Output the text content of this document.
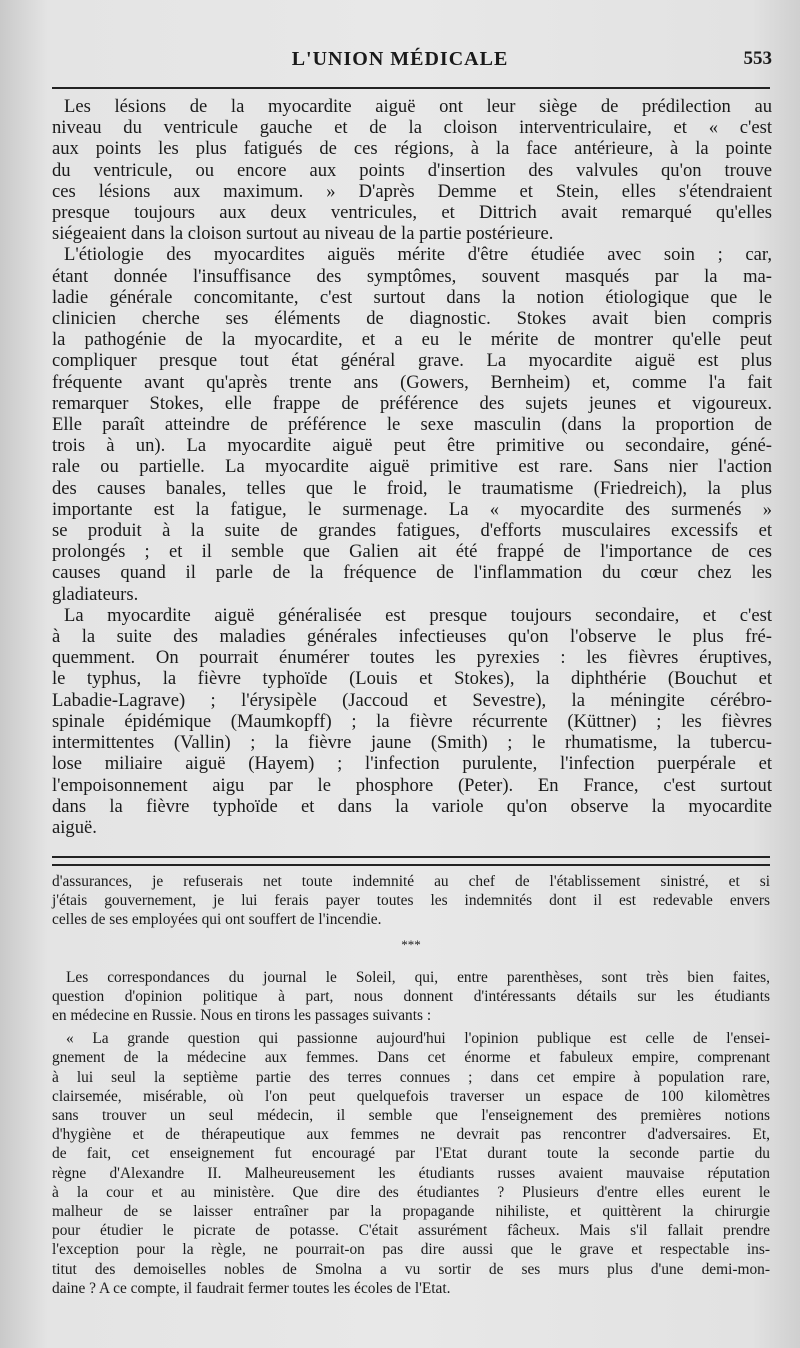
L'UNION MÉDICALE	553
Les lésions de la myocardite aiguë ont leur siège de prédilection au
niveau du ventricule gauche et de la cloison interventriculaire, et « c'est
aux points les plus fatigués de ces régions, à la face antérieure, à la pointe
du ventricule, ou encore aux points d'insertion des valvules qu'on trouve
ces lésions aux maximum. » D'après Demme et Stein, elles s'étendraient
presque toujours aux deux ventricules, et Dittrich avait remarqué qu'elles
siégeaient dans la cloison surtout au niveau de la partie postérieure.
L'étiologie des myocardites aiguës mérite d'être étudiée avec soin ; car,
étant donnée l'insuffisance des symptômes, souvent masqués par la ma-
ladie générale concomitante, c'est surtout dans la notion étiologique que le
clinicien cherche ses éléments de diagnostic. Stokes avait bien compris
la pathogénie de la myocardite, et a eu le mérite de montrer qu'elle peut
compliquer presque tout état général grave. La myocardite aiguë est plus
fréquente avant qu'après trente ans (Gowers, Bernheim) et, comme l'a fait
remarquer Stokes, elle frappe de préférence des sujets jeunes et vigoureux.
Elle paraît atteindre de préférence le sexe masculin (dans la proportion de
trois à un). La myocardite aiguë peut être primitive ou secondaire, géné-
rale ou partielle. La myocardite aiguë primitive est rare. Sans nier l'action
des causes banales, telles que le froid, le traumatisme (Friedreich), la plus
importante est la fatigue, le surmenage. La « myocardite des surmenés »
se produit à la suite de grandes fatigues, d'efforts musculaires excessifs et
prolongés ; et il semble que Galien ait été frappé de l'importance de ces
causes quand il parle de la fréquence de l'inflammation du cœur chez les
gladiateurs.
La myocardite aiguë généralisée est presque toujours secondaire, et c'est
à la suite des maladies générales infectieuses qu'on l'observe le plus fré-
quemment. On pourrait énumérer toutes les pyrexies : les fièvres éruptives,
le typhus, la fièvre typhoïde (Louis et Stokes), la diphthérie (Bouchut et
Labadie-Lagrave) ; l'érysipèle (Jaccoud et Sevestre), la méningite cérébro-
spinale épidémique (Maumkopff) ; la fièvre récurrente (Küttner) ; les fièvres
intermittentes (Vallin) ; la fièvre jaune (Smith) ; le rhumatisme, la tubercu-
lose miliaire aiguë (Hayem) ; l'infection purulente, l'infection puerpérale et
l'empoisonnement aigu par le phosphore (Peter). En France, c'est surtout
dans la fièvre typhoïde et dans la variole qu'on observe la myocardite
aiguë.
d'assurances, je refuserais net toute indemnité au chef de l'établissement sinistré, et si
j'étais gouvernement, je lui ferais payer toutes les indemnités dont il est redevable envers
celles de ses employées qui ont souffert de l'incendie.
***
Les correspondances du journal le Soleil, qui, entre parenthèses, sont très bien faites,
question d'opinion politique à part, nous donnent d'intéressants détails sur les étudiants
en médecine en Russie. Nous en tirons les passages suivants :
« La grande question qui passionne aujourd'hui l'opinion publique est celle de l'ensei-
gnement de la médecine aux femmes. Dans cet énorme et fabuleux empire, comprenant
à lui seul la septième partie des terres connues ; dans cet empire à population rare,
clairsemée, misérable, où l'on peut quelquefois traverser un espace de 100 kilomètres
sans trouver un seul médecin, il semble que l'enseignement des premières notions
d'hygiène et de thérapeutique aux femmes ne devrait pas rencontrer d'adversaires. Et,
de fait, cet enseignement fut encouragé par l'Etat durant toute la seconde partie du
règne d'Alexandre II. Malheureusement les étudiants russes avaient mauvaise réputation
à la cour et au ministère. Que dire des étudiantes ? Plusieurs d'entre elles eurent le
malheur de se laisser entraîner par la propagande nihiliste, et quittèrent la chirurgie
pour étudier le picrate de potasse. C'était assurément fâcheux. Mais s'il fallait prendre
l'exception pour la règle, ne pourrait-on pas dire aussi que le grave et respectable ins-
titut des demoiselles nobles de Smolna a vu sortir de ses murs plus d'une demi-mon-
daine ? A ce compte, il faudrait fermer toutes les écoles de l'Etat.
